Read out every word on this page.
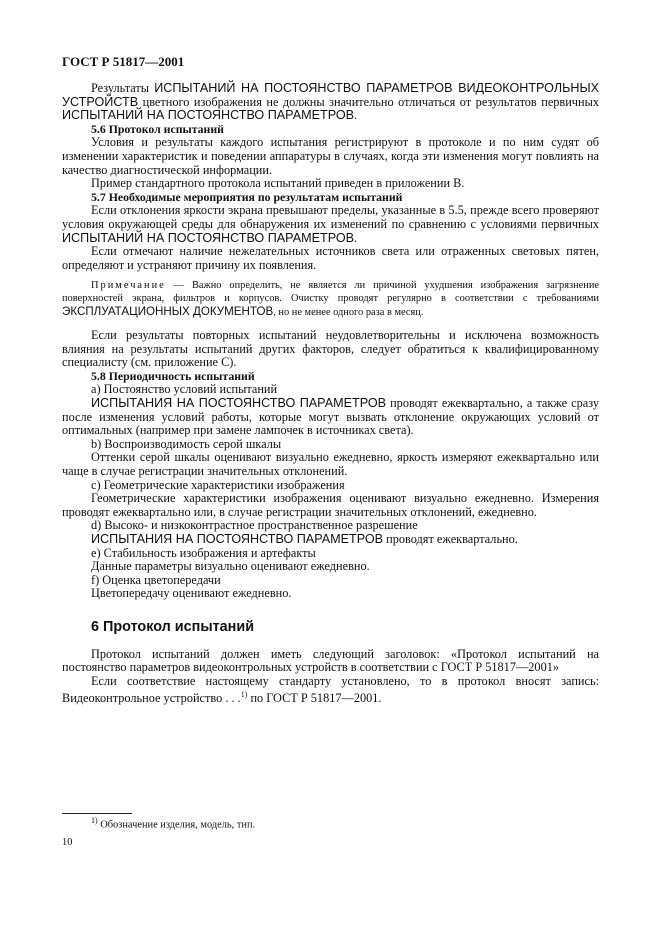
ГОСТ Р 51817—2001

Результаты ИСПЫТАНИЙ НА ПОСТОЯНСТВО ПАРАМЕТРОВ ВИДЕОКОНТРОЛЬНЫХ УСТРОЙСТВ цветного изображения не должны значительно отличаться от результатов первичных ИСПЫТАНИЙ НА ПОСТОЯНСТВО ПАРАМЕТРОВ.

5.6 Протокол испытаний

Условия и результаты каждого испытания регистрируют в протоколе и по ним судят об изменении характеристик и поведении аппаратуры в случаях, когда эти изменения могут повлиять на качество диагностической информации.

Пример стандартного протокола испытаний приведен в приложении В.

5.7 Необходимые мероприятия по результатам испытаний

Если отклонения яркости экрана превышают пределы, указанные в 5.5, прежде всего проверяют условия окружающей среды для обнаружения их изменений по сравнению с условиями первичных ИСПЫТАНИЙ НА ПОСТОЯНСТВО ПАРАМЕТРОВ.

Если отмечают наличие нежелательных источников света или отраженных световых пятен, определяют и устраняют причину их появления.

Примечание — Важно определить, не является ли причиной ухудшения изображения загрязнение поверхностей экрана, фильтров и корпусов. Очистку проводят регулярно в соответствии с требованиями ЭКСПЛУАТАЦИОННЫХ ДОКУМЕНТОВ, но не менее одного раза в месяц.

Если результаты повторных испытаний неудовлетворительны и исключена возможность влияния на результаты испытаний других факторов, следует обратиться к квалифицированному специалисту (см. приложение С).

5.8 Периодичность испытаний

a) Постоянство условий испытаний

ИСПЫТАНИЯ НА ПОСТОЯНСТВО ПАРАМЕТРОВ проводят ежеквартально, а также сразу после изменения условий работы, которые могут вызвать отклонение окружающих условий от оптимальных (например при замене лампочек в источниках света).

b) Воспроизводимость серой шкалы

Оттенки серой шкалы оценивают визуально ежедневно, яркость измеряют ежеквартально или чаще в случае регистрации значительных отклонений.

c) Геометрические характеристики изображения

Геометрические характеристики изображения оценивают визуально ежедневно. Измерения проводят ежеквартально или, в случае регистрации значительных отклонений, ежедневно.

d) Высоко- и низкоконтрастное пространственное разрешение

ИСПЫТАНИЯ НА ПОСТОЯНСТВО ПАРАМЕТРОВ проводят ежеквартально.

e) Стабильность изображения и артефакты

Данные параметры визуально оценивают ежедневно.

f) Оценка цветопередачи

Цветопередачу оценивают ежедневно.

6 Протокол испытаний

Протокол испытаний должен иметь следующий заголовок: «Протокол испытаний на постоянство параметров видеоконтрольных устройств в соответствии с ГОСТ Р 51817—2001»

Если соответствие настоящему стандарту установлено, то в протокол вносят запись: Видеоконтрольное устройство . . .$^{1)}$ по ГОСТ Р 51817—2001.

$^{1)}$ Обозначение изделия, модель, тип.
10
